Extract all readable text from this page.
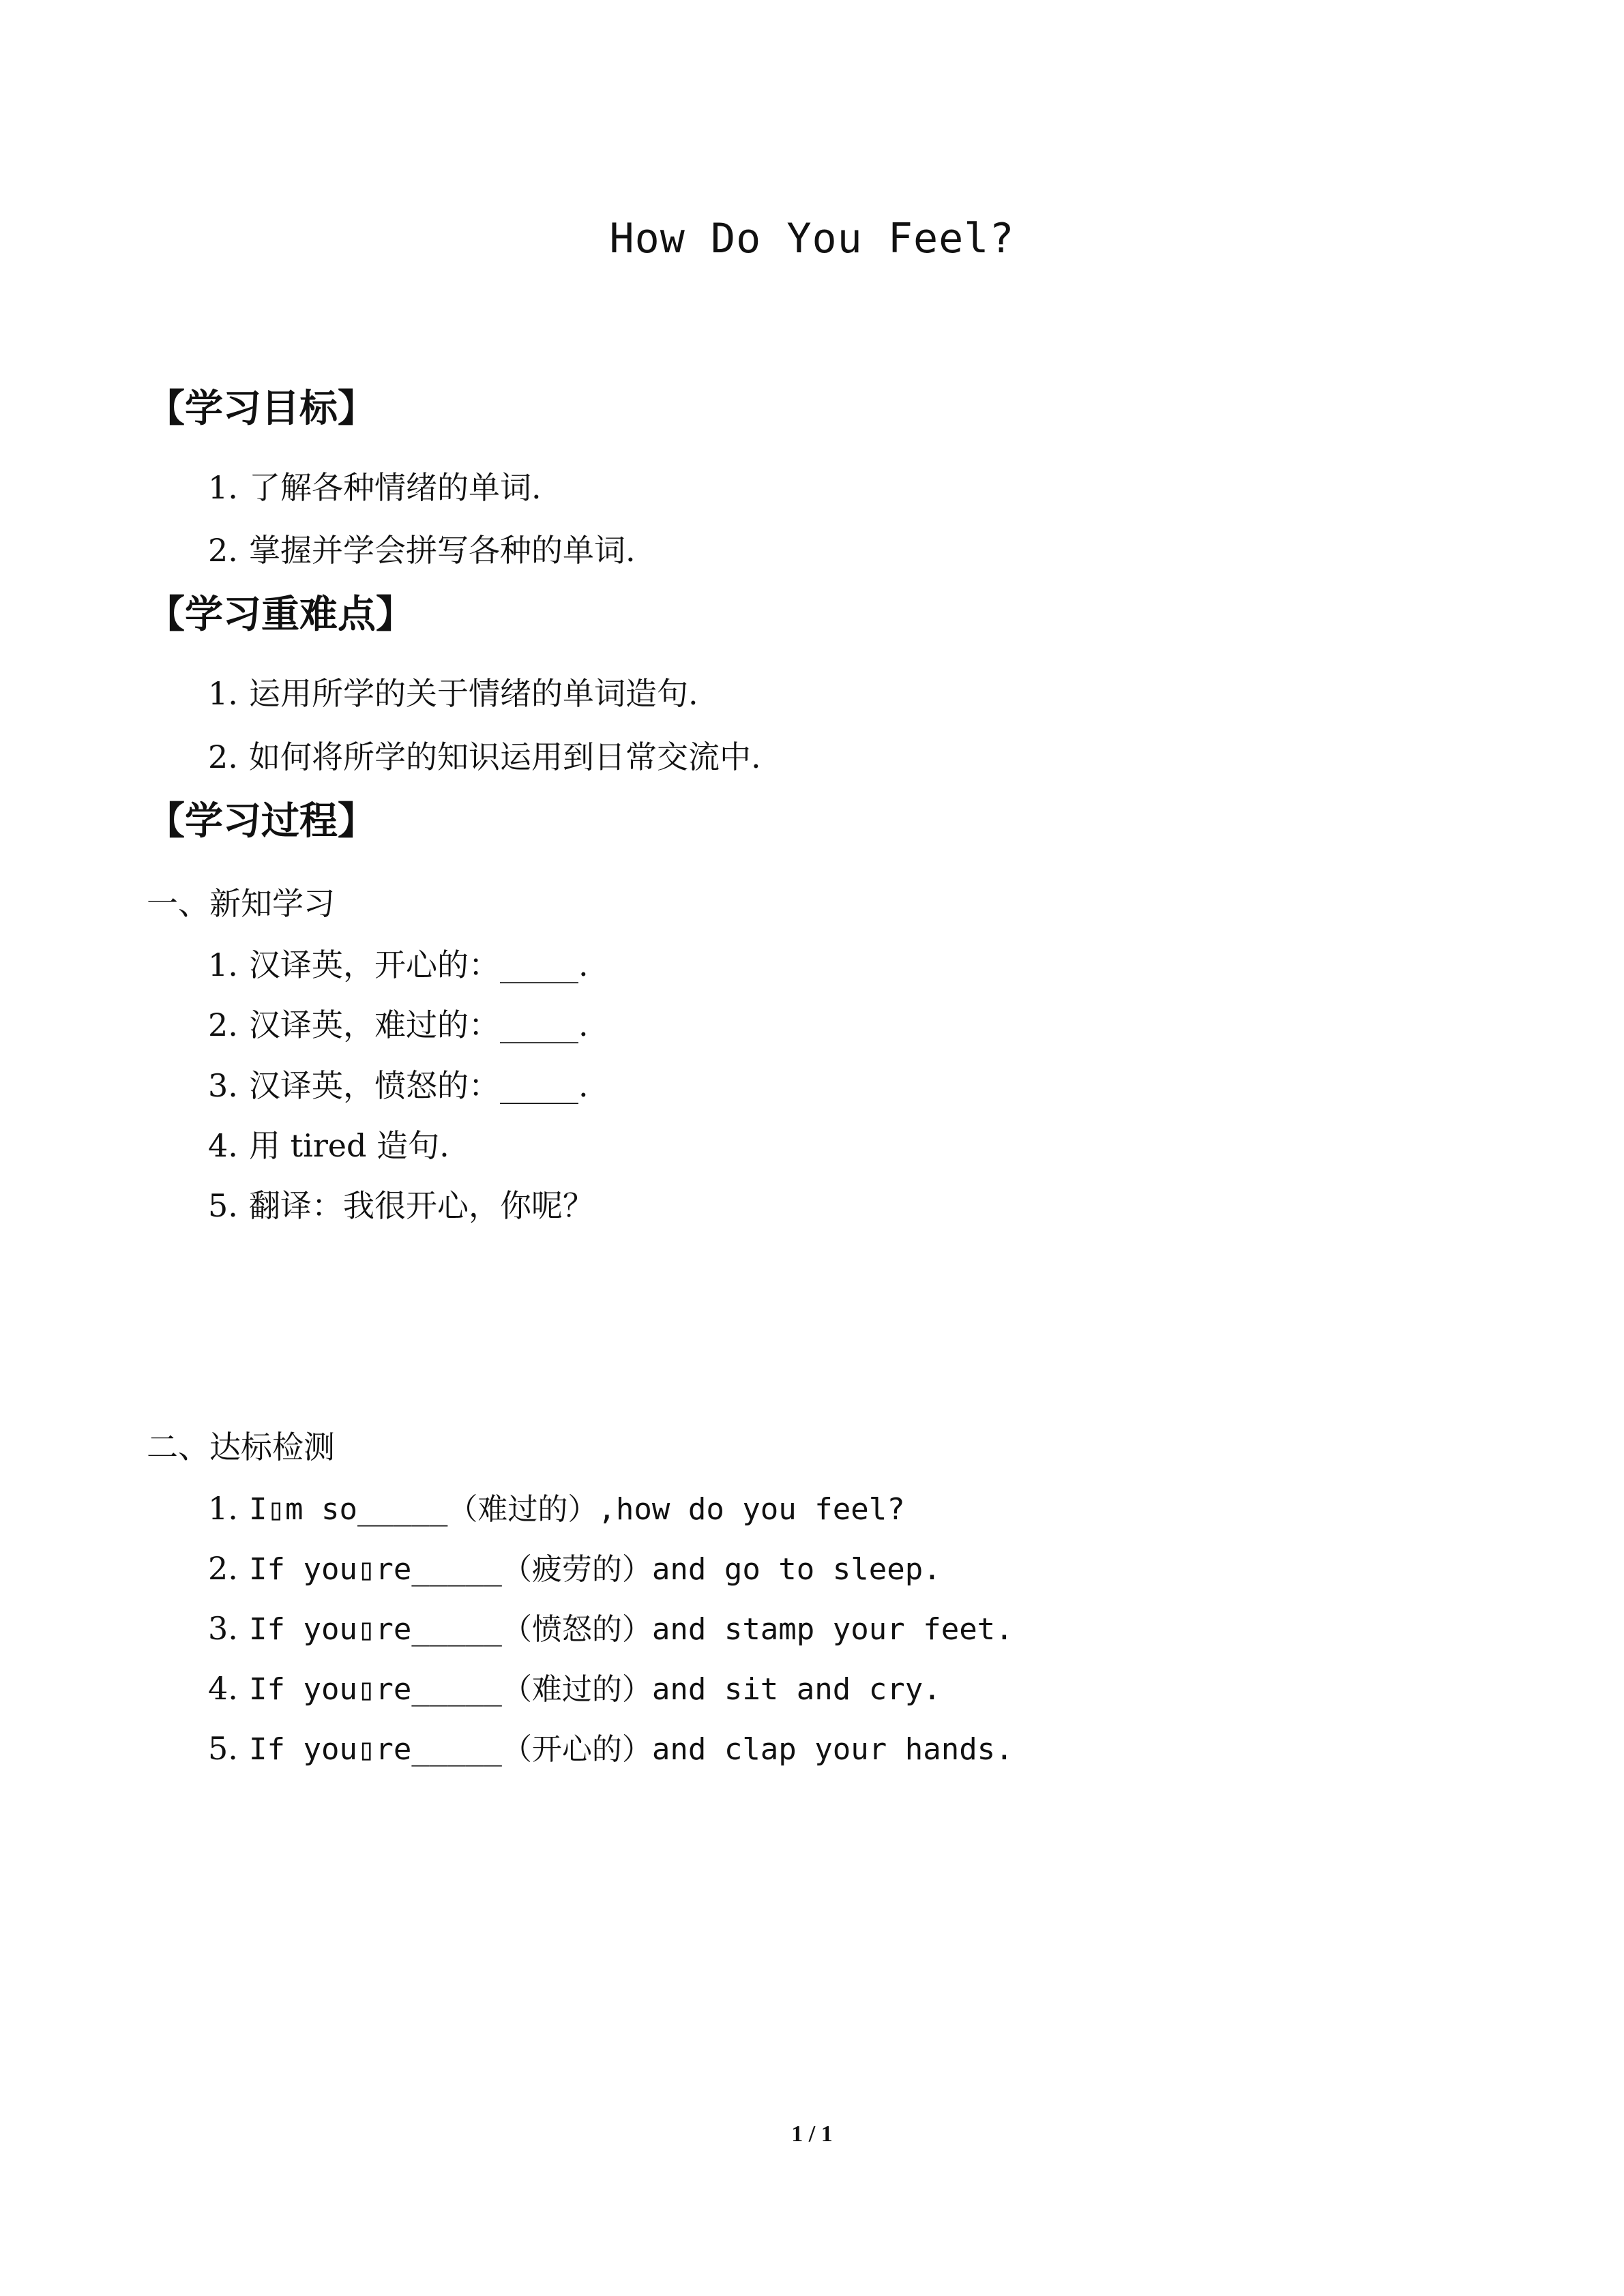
How Do You Feel?
【学习目标】
1. 了解各种情绪的单词.
2. 掌握并学会拼写各种的单词.
【学习重难点】
1. 运用所学的关于情绪的单词造句.
2. 如何将所学的知识运用到日常交流中.
【学习过程】
一、新知学习
1. 汉译英，开心的：_____.
2. 汉译英，难过的：_____.
3. 汉译英，愤怒的：_____.
4. 用 tired 造句.
5. 翻译：我很开心，你呢？
二、达标检测
1. I▯m so_____（难过的）,how do you feel?
2. If you▯re_____（疲劳的）and go to sleep.
3. If you▯re_____（愤怒的）and stamp your feet.
4. If you▯re_____（难过的）and sit and cry.
5. If you▯re_____（开心的）and clap your hands.
1 / 1
